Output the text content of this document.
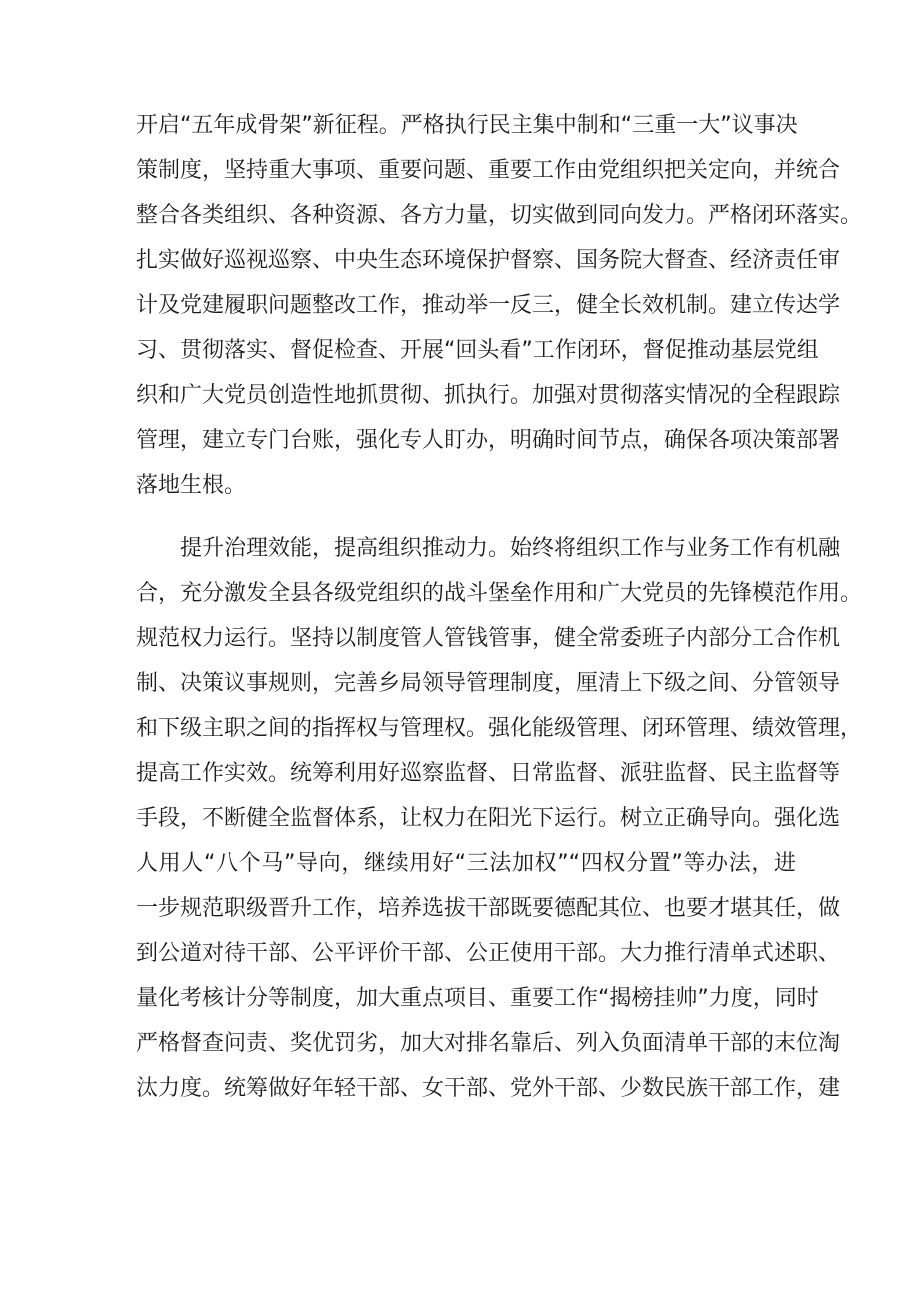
开启“五年成骨架”新征程。严格执行民主集中制和“三重一大”议事决
策制度，坚持重大事项、重要问题、重要工作由党组织把关定向，并统合
整合各类组织、各种资源、各方力量，切实做到同向发力。严格闭环落实。
扎实做好巡视巡察、中央生态环境保护督察、国务院大督查、经济责任审
计及党建履职问题整改工作，推动举一反三，健全长效机制。建立传达学
习、贯彻落实、督促检查、开展“回头看”工作闭环，督促推动基层党组
织和广大党员创造性地抓贯彻、抓执行。加强对贯彻落实情况的全程跟踪
管理，建立专门台账，强化专人盯办，明确时间节点，确保各项决策部署
落地生根。
提升治理效能，提高组织推动力。始终将组织工作与业务工作有机融
合，充分激发全县各级党组织的战斗堡垒作用和广大党员的先锋模范作用。
规范权力运行。坚持以制度管人管钱管事，健全常委班子内部分工合作机
制、决策议事规则，完善乡局领导管理制度，厘清上下级之间、分管领导
和下级主职之间的指挥权与管理权。强化能级管理、闭环管理、绩效管理，
提高工作实效。统筹利用好巡察监督、日常监督、派驻监督、民主监督等
手段，不断健全监督体系，让权力在阳光下运行。树立正确导向。强化选
人用人“八个马”导向，继续用好“三法加权”“四权分置”等办法，进
一步规范职级晋升工作，培养选拔干部既要德配其位、也要才堪其任，做
到公道对待干部、公平评价干部、公正使用干部。大力推行清单式述职、
量化考核计分等制度，加大重点项目、重要工作“揭榜挂帅”力度，同时
严格督查问责、奖优罚劣，加大对排名靠后、列入负面清单干部的末位淘
汰力度。统筹做好年轻干部、女干部、党外干部、少数民族干部工作，建
